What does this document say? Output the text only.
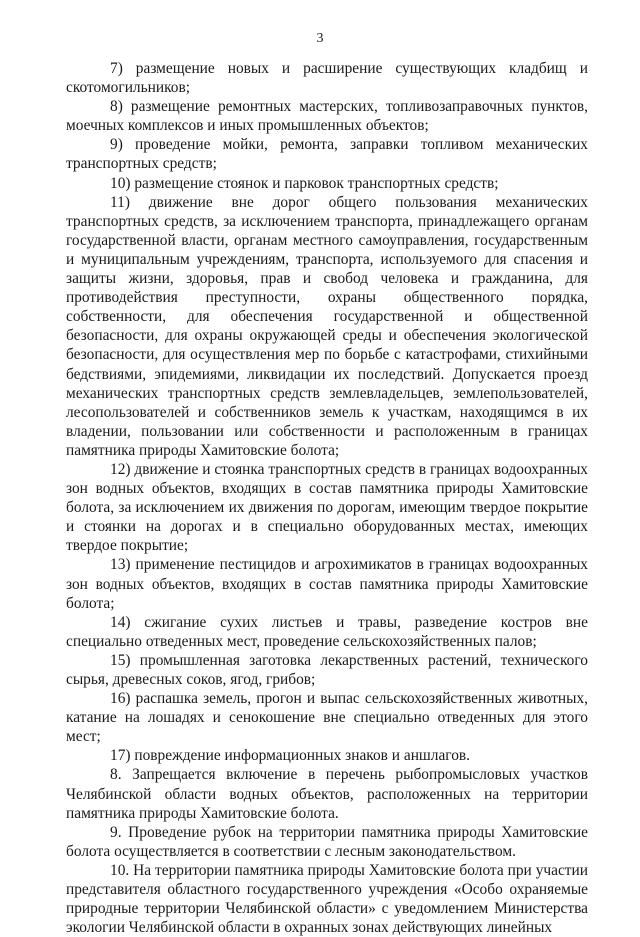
3

7) размещение новых и расширение существующих кладбищ и скотомогильников;

8) размещение ремонтных мастерских, топливозаправочных пунктов, моечных комплексов и иных промышленных объектов;

9) проведение мойки, ремонта, заправки топливом механических транспортных средств;

10) размещение стоянок и парковок транспортных средств;

11) движение вне дорог общего пользования механических транспортных средств, за исключением транспорта, принадлежащего органам государственной власти, органам местного самоуправления, государственным и муниципальным учреждениям, транспорта, используемого для спасения и защиты жизни, здоровья, прав и свобод человека и гражданина, для противодействия преступности, охраны общественного порядка, собственности, для обеспечения государственной и общественной безопасности, для охраны окружающей среды и обеспечения экологической безопасности, для осуществления мер по борьбе с катастрофами, стихийными бедствиями, эпидемиями, ликвидации их последствий. Допускается проезд механических транспортных средств землевладельцев, землепользователей, лесопользователей и собственников земель к участкам, находящимся в их владении, пользовании или собственности и расположенным в границах памятника природы Хамитовские болота;

12) движение и стоянка транспортных средств в границах водоохранных зон водных объектов, входящих в состав памятника природы Хамитовские болота, за исключением их движения по дорогам, имеющим твердое покрытие и стоянки на дорогах и в специально оборудованных местах, имеющих твердое покрытие;

13) применение пестицидов и агрохимикатов в границах водоохранных зон водных объектов, входящих в состав памятника природы Хамитовские болота;

14) сжигание сухих листьев и травы, разведение костров вне специально отведенных мест, проведение сельскохозяйственных палов;

15) промышленная заготовка лекарственных растений, технического сырья, древесных соков, ягод, грибов;

16) распашка земель, прогон и выпас сельскохозяйственных животных, катание на лошадях и сенокошение вне специально отведенных для этого мест;

17) повреждение информационных знаков и аншлагов.

8. Запрещается включение в перечень рыбопромысловых участков Челябинской области водных объектов, расположенных на территории памятника природы Хамитовские болота.

9. Проведение рубок на территории памятника природы Хамитовские болота осуществляется в соответствии с лесным законодательством.

10. На территории памятника природы Хамитовские болота при участии представителя областного государственного учреждения «Особо охраняемые природные территории Челябинской области» с уведомлением Министерства экологии Челябинской области в охранных зонах действующих линейных
